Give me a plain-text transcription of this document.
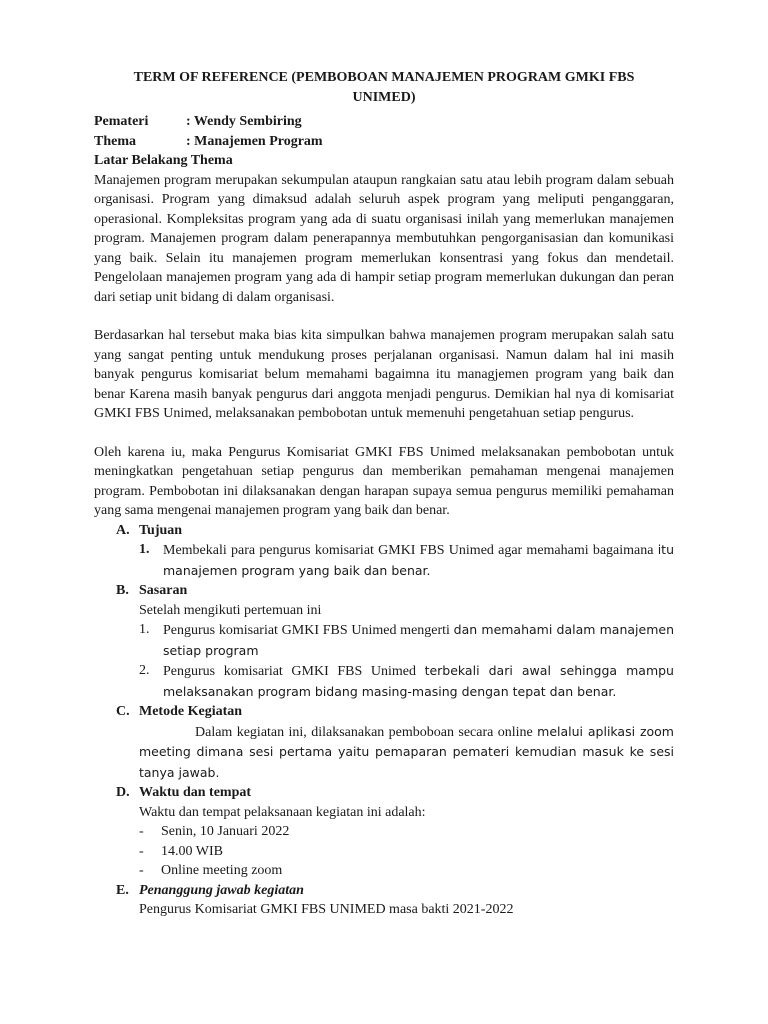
TERM OF REFERENCE (PEMBOBOAN MANAJEMEN PROGRAM GMKI FBS
UNIMED)
Pemateri	: Wendy Sembiring
Thema	: Manajemen Program
Latar Belakang Thema

Manajemen program merupakan sekumpulan ataupun rangkaian satu atau lebih program dalam sebuah organisasi. Program yang dimaksud adalah seluruh aspek program yang meliputi penganggaran, operasional. Kompleksitas program yang ada di suatu organisasi inilah yang memerlukan manajemen program. Manajemen program dalam penerapannya membutuhkan pengorganisasian dan komunikasi yang baik. Selain itu manajemen program memerlukan konsentrasi yang fokus dan mendetail. Pengelolaan manajemen program yang ada di hampir setiap program memerlukan dukungan dan peran dari setiap unit bidang di dalam organisasi.

Berdasarkan hal tersebut maka bias kita simpulkan bahwa manajemen program merupakan salah satu yang sangat penting untuk mendukung proses perjalanan organisasi. Namun dalam hal ini masih banyak pengurus komisariat belum memahami bagaimna itu managjemen program yang baik dan benar Karena masih banyak pengurus dari anggota menjadi pengurus. Demikian hal nya di komisariat GMKI FBS Unimed, melaksanakan pembobotan untuk memenuhi pengetahuan setiap pengurus.

Oleh karena iu, maka Pengurus Komisariat GMKI FBS Unimed melaksanakan pembobotan untuk meningkatkan pengetahuan setiap pengurus dan memberikan pemahaman mengenai manajemen program. Pembobotan ini dilaksanakan dengan harapan supaya semua pengurus memiliki pemahaman yang sama mengenai manajemen program yang baik dan benar.

A. Tujuan
1. Membekali para pengurus komisariat GMKI FBS Unimed agar memahami bagaimana itu manajemen program yang baik dan benar.
B. Sasaran
Setelah mengikuti pertemuan ini
1. Pengurus komisariat GMKI FBS Unimed mengerti dan memahami dalam manajemen setiap program
2. Pengurus komisariat GMKI FBS Unimed terbekali dari awal sehingga mampu melaksanakan program bidang masing-masing dengan tepat dan benar.
C. Metode Kegiatan
Dalam kegiatan ini, dilaksanakan pemboboan secara online melalui aplikasi zoom meeting dimana sesi pertama yaitu pemaparan pemateri kemudian masuk ke sesi tanya jawab.
D. Waktu dan tempat
Waktu dan tempat pelaksanaan kegiatan ini adalah:
-	Senin, 10 Januari 2022
-	14.00 WIB
-	Online meeting zoom
E. Penanggung jawab kegiatan
Pengurus Komisariat GMKI FBS UNIMED masa bakti 2021-2022
